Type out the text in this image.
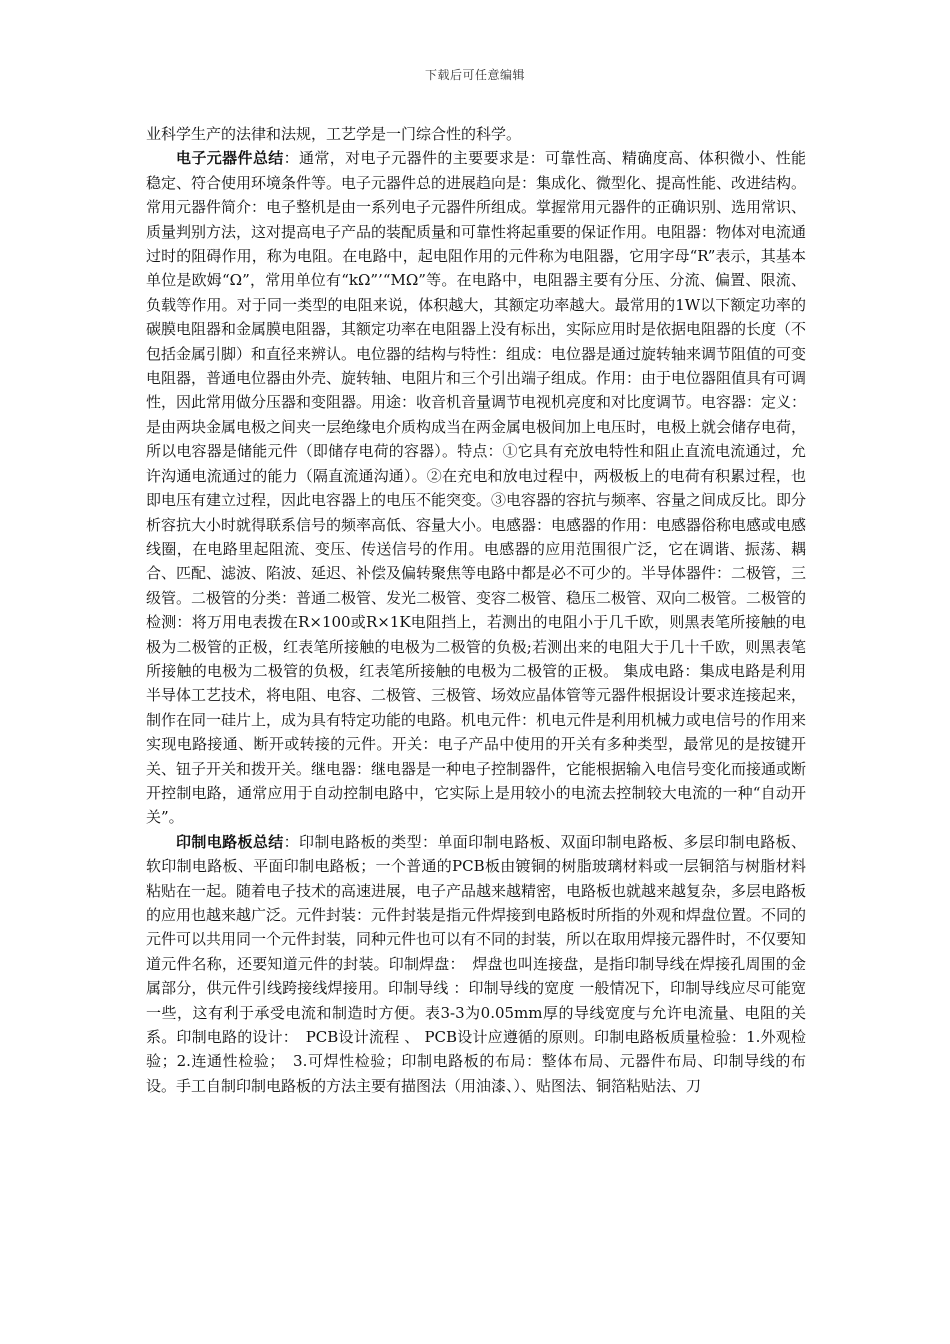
下载后可任意编辑

业科学生产的法律和法规，工艺学是一门综合性的科学。

电子元器件总结：通常，对电子元器件的主要要求是：可靠性高、精确度高、体积微小、性能稳定、符合使用环境条件等。电子元器件总的进展趋向是：集成化、微型化、提高性能、改进结构。常用元器件简介：电子整机是由一系列电子元器件所组成。掌握常用元器件的正确识别、选用常识、质量判别方法，这对提高电子产品的装配质量和可靠性将起重要的保证作用。电阻器：物体对电流通过时的阻碍作用，称为电阻。在电路中，起电阻作用的元件称为电阻器，它用字母“R”表示，其基本单位是欧姆“Ω”，常用单位有“kΩ”’“MΩ”等。在电路中，电阻器主要有分压、分流、偏置、限流、负载等作用。对于同一类型的电阻来说，体积越大，其额定功率越大。最常用的1W以下额定功率的碳膜电阻器和金属膜电阻器，其额定功率在电阻器上没有标出，实际应用时是依据电阻器的长度（不包括金属引脚）和直径来辨认。电位器的结构与特性：组成：电位器是通过旋转轴来调节阻值的可变电阻器，普通电位器由外壳、旋转轴、电阻片和三个引出端子组成。作用：由于电位器阻值具有可调性，因此常用做分压器和变阻器。用途：收音机音量调节电视机亮度和对比度调节。电容器：定义：是由两块金属电极之间夹一层绝缘电介质构成当在两金属电极间加上电压时，电极上就会储存电荷，所以电容器是储能元件（即储存电荷的容器）。特点：①它具有充放电特性和阻止直流电流通过，允许沟通电流通过的能力（隔直流通沟通）。②在充电和放电过程中，两极板上的电荷有积累过程，也即电压有建立过程，因此电容器上的电压不能突变。③电容器的容抗与频率、容量之间成反比。即分析容抗大小时就得联系信号的频率高低、容量大小。电感器：电感器的作用：电感器俗称电感或电感线圈，在电路里起阻流、变压、传送信号的作用。电感器的应用范围很广泛，它在调谐、振荡、耦合、匹配、滤波、陷波、延迟、补偿及偏转聚焦等电路中都是必不可少的。半导体器件：二极管，三级管。二极管的分类：普通二极管、发光二极管、变容二极管、稳压二极管、双向二极管。二极管的检测：将万用电表拨在R×100或R×1K电阻挡上，若测出的电阻小于几千欧，则黑表笔所接触的电极为二极管的正极，红表笔所接触的电极为二极管的负极;若测出来的电阻大于几十千欧，则黑表笔所接触的电极为二极管的负极，红表笔所接触的电极为二极管的正极。 集成电路：集成电路是利用半导体工艺技术，将电阻、电容、二极管、三极管、场效应晶体管等元器件根据设计要求连接起来，制作在同一硅片上，成为具有特定功能的电路。机电元件：机电元件是利用机械力或电信号的作用来实现电路接通、断开或转接的元件。开关：电子产品中使用的开关有多种类型，最常见的是按键开关、钮子开关和拨开关。继电器：继电器是一种电子控制器件，它能根据输入电信号变化而接通或断开控制电路，通常应用于自动控制电路中，它实际上是用较小的电流去控制较大电流的一种“自动开关”。

印制电路板总结：印制电路板的类型：单面印制电路板、双面印制电路板、多层印制电路板、软印制电路板、平面印制电路板；一个普通的PCB板由镀铜的树脂玻璃材料或一层铜箔与树脂材料粘贴在一起。随着电子技术的高速进展，电子产品越来越精密，电路板也就越来越复杂，多层电路板的应用也越来越广泛。元件封装：元件封装是指元件焊接到电路板时所指的外观和焊盘位置。不同的元件可以共用同一个元件封装，同种元件也可以有不同的封装，所以在取用焊接元器件时，不仅要知道元件名称，还要知道元件的封装。印制焊盘：　焊盘也叫连接盘，是指印制导线在焊接孔周围的金属部分，供元件引线跨接线焊接用。印制导线 ：印制导线的宽度 一般情况下，印制导线应尽可能宽一些，这有利于承受电流和制造时方便。表3-3为0.05mm厚的导线宽度与允许电流量、电阻的关系。印制电路的设计：　PCB设计流程 、 PCB设计应遵循的原则。印制电路板质量检验：1.外观检验；2.连通性检验；　3.可焊性检验；印制电路板的布局：整体布局、元器件布局、印制导线的布设。手工自制印制电路板的方法主要有描图法（用油漆、）、贴图法、铜箔粘贴法、刀
